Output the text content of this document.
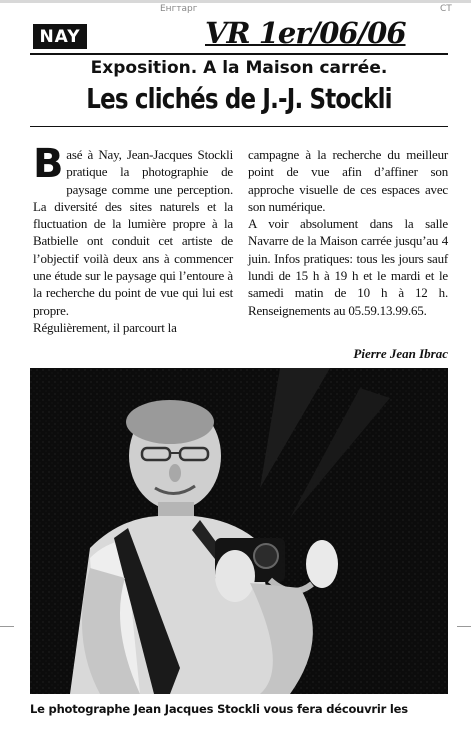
Енгтарг	CT
NAY	VR 1er/06/06
Exposition. A la Maison carrée.
Les clichés de J.-J. Stockli
B asé à Nay, Jean-Jacques Stockli pratique la photographie de paysage comme une perception. La diversité des sites naturels et la fluctuation de la lumière propre à la Batbielle ont conduit cet artiste de l’objectif voilà deux ans à commencer une étude sur le paysage qui l’entoure à la recherche du point de vue qui lui est propre.

Régulièrement, il parcourt la

campagne à la recherche du meilleur point de vue afin d’affiner son approche visuelle de ces espaces avec son numérique.

A voir absolument dans la salle Navarre de la Maison carrée jusqu’au 4 juin. Infos pratiques: tous les jours sauf lundi de 15 h à 19 h et le mardi et le samedi matin de 10 h à 12 h. Renseignements au 05.59.13.99.65.

Pierre Jean Ibrac
Le photographe Jean Jacques Stockli vous fera découvrir les
